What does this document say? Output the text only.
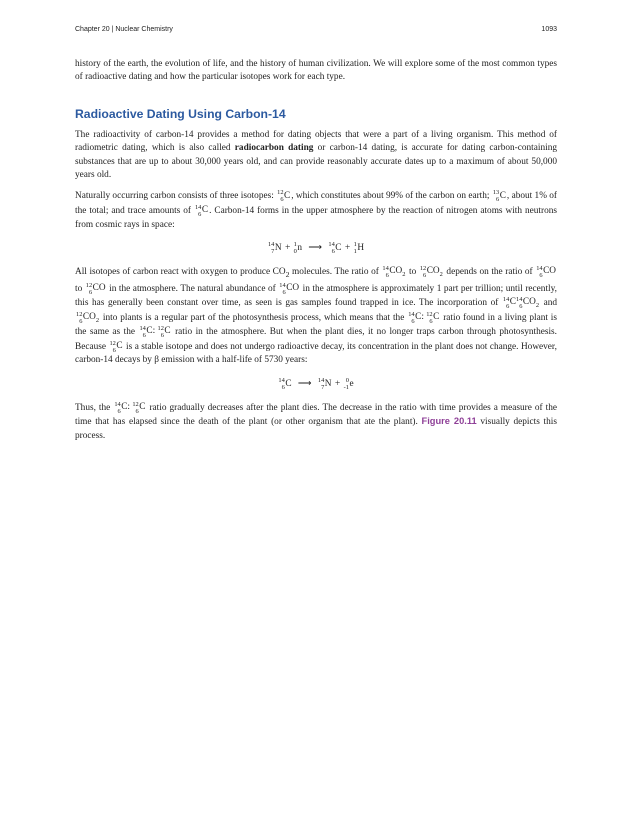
Chapter 20 | Nuclear Chemistry	1093

history of the earth, the evolution of life, and the history of human civilization. We will explore some of the most common types of radioactive dating and how the particular isotopes work for each type.

Radioactive Dating Using Carbon-14

The radioactivity of carbon-14 provides a method for dating objects that were a part of a living organism. This method of radiometric dating, which is also called radiocarbon dating or carbon-14 dating, is accurate for dating carbon-containing substances that are up to about 30,000 years old, and can provide reasonably accurate dates up to a maximum of about 50,000 years old.

Naturally occurring carbon consists of three isotopes: 12
6 C , which constitutes about 99% of the carbon on earth; 13
6 C , about 1% of the total; and trace amounts of 14
6 C . Carbon-14 forms in the upper atmosphere by the reaction of nitrogen atoms with neutrons from cosmic rays in space:

14
7 N + 1
0 n ⟶ 14
6 C + 1
1 H

All isotopes of carbon react with oxygen to produce $CO_2$ molecules. The ratio of 14
6 CO 2 to 12
6 CO 2 depends on the ratio of 14
6 CO
to 12
6 CO in the atmosphere. The natural abundance of 14
6 CO in the atmosphere is approximately 1 part per trillion; until recently, this has generally been constant over time, as seen is gas samples found trapped in ice. The incorporation of 14
6 C 14
6 CO 2 and
12
6 CO 2 into plants is a regular part of the photosynthesis process, which means that the 14
6 C :
12
6 C ratio found in a living plant is the same as the 14
6 C :
12
6 C ratio in the atmosphere. But when the plant dies, it no longer traps carbon through photosynthesis. Because 12
6 C is a stable isotope and does not undergo radioactive decay, its concentration in the plant does not change. However, carbon-14 decays by β emission with a half-life of 5730 years:

14
6 C ⟶ 14
7 N + 0
-1 e

Thus, the 14
6 C :
12
6 C ratio gradually decreases after the plant dies. The decrease in the ratio with time provides a measure of the time that has elapsed since the death of the plant (or other organism that ate the plant). Figure 20.11 visually depicts this process.
